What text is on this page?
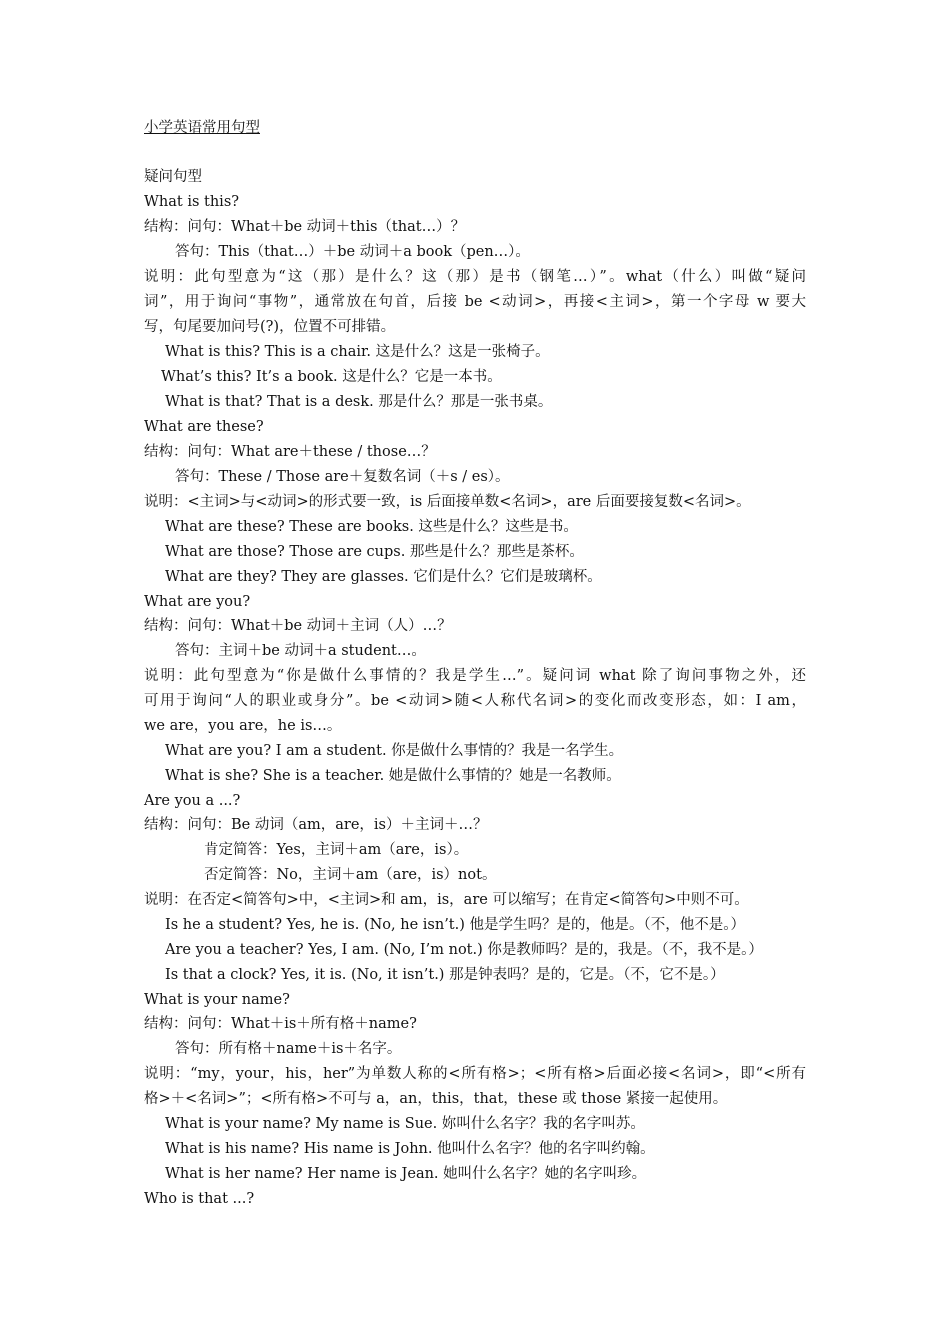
小学英语常用句型
疑问句型
What is this?
结构：问句：What＋be 动词＋this（that…）？
答句：This（that…）＋be 动词＋a book（pen…）。
说明：此句型意为“这（那）是什么？这（那）是书（钢笔…）”。what（什么）叫做“疑问
词”，用于询问“事物”，通常放在句首，后接 be <动词>，再接<主词>，第一个字母 w 要大
写，句尾要加问号(?)，位置不可排错。
What is this? This is a chair. 这是什么？这是一张椅子。
What’s this? It’s a book. 这是什么？它是一本书。
What is that? That is a desk. 那是什么？那是一张书桌。
What are these?
结构：问句：What are＋these / those…？
答句：These / Those are＋复数名词（＋s / es）。
说明：<主词>与<动词>的形式要一致，is 后面接单数<名词>，are 后面要接复数<名词>。
What are these? These are books. 这些是什么？这些是书。
What are those? Those are cups. 那些是什么？那些是茶杯。
What are they? They are glasses. 它们是什么？它们是玻璃杯。
What are you?
结构：问句：What＋be 动词＋主词（人）…？
答句：主词＋be 动词＋a student…。
说明：此句型意为“你是做什么事情的？我是学生…”。疑问词 what 除了询问事物之外，还
可用于询问“人的职业或身分”。be <动词>随<人称代名词>的变化而改变形态，如：I am，
we are，you are，he is…。
What are you? I am a student. 你是做什么事情的？我是一名学生。
What is she? She is a teacher. 她是做什么事情的？她是一名教师。
Are you a ...?
结构：问句：Be 动词（am，are，is）＋主词＋…？
肯定简答：Yes，主词＋am（are，is）。
否定简答：No，主词＋am（are，is）not。
说明：在否定<简答句>中，<主词>和 am，is，are 可以缩写；在肯定<简答句>中则不可。
Is he a student? Yes, he is. (No, he isn’t.) 他是学生吗？是的，他是。（不，他不是。）
Are you a teacher? Yes, I am. (No, I’m not.) 你是教师吗？是的，我是。（不，我不是。）
Is that a clock? Yes, it is. (No, it isn’t.) 那是钟表吗？是的，它是。（不，它不是。）
What is your name?
结构：问句：What＋is＋所有格＋name?
答句：所有格＋name＋is＋名字。
说明：“my，your，his，her”为单数人称的<所有格>；<所有格>后面必接<名词>，即“<所有
格>＋<名词>”；<所有格>不可与 a，an，this，that，these 或 those 紧接一起使用。
What is your name? My name is Sue. 妳叫什么名字？我的名字叫苏。
What is his name? His name is John. 他叫什么名字？他的名字叫约翰。
What is her name? Her name is Jean. 她叫什么名字？她的名字叫珍。
Who is that ...?
